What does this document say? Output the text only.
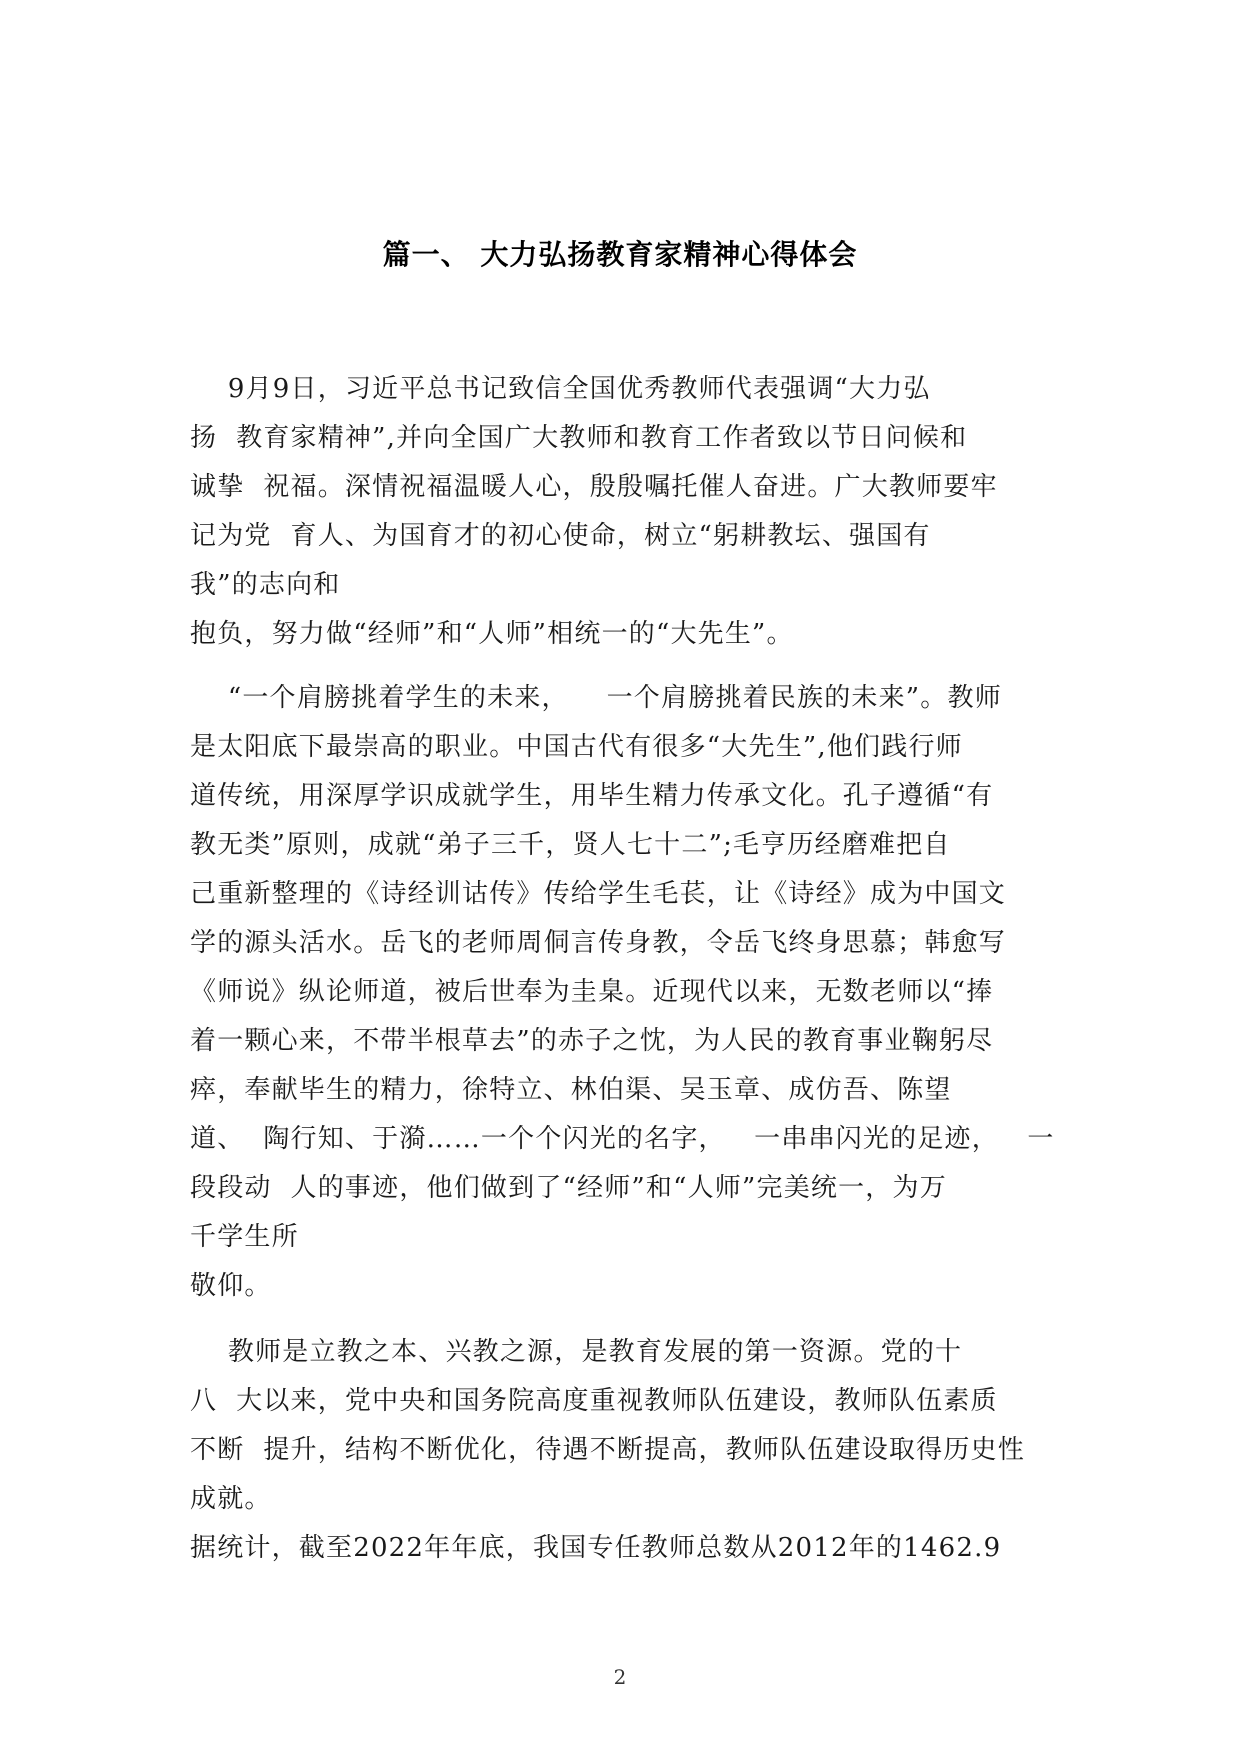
篇一、 大力弘扬教育家精神心得体会
9月9日，习近平总书记致信全国优秀教师代表强调“大力弘
扬  教育家精神”,并向全国广大教师和教育工作者致以节日问候和
诚挚  祝福。深情祝福温暖人心，殷殷嘱托催人奋进。广大教师要牢
记为党  育人、为国育才的初心使命，树立“躬耕教坛、强国有
我”的志向和
抱负，努力做“经师”和“人师”相统一的“大先生”。
“一个肩膀挑着学生的未来，    一个肩膀挑着民族的未来”。教师
是太阳底下最崇高的职业。中国古代有很多“大先生”,他们践行师
道传统，用深厚学识成就学生，用毕生精力传承文化。孔子遵循“有
教无类”原则，成就“弟子三千，贤人七十二”;毛亨历经磨难把自
己重新整理的《诗经训诂传》传给学生毛苌，让《诗经》成为中国文
学的源头活水。岳飞的老师周侗言传身教，令岳飞终身思慕；韩愈写
《师说》纵论师道，被后世奉为圭臬。近现代以来，无数老师以“捧
着一颗心来，不带半根草去”的赤子之忱，为人民的教育事业鞠躬尽
瘁，奉献毕生的精力，徐特立、林伯渠、吴玉章、成仿吾、陈望
道、  陶行知、于漪……一个个闪光的名字，   一串串闪光的足迹，   一
段段动  人的事迹，他们做到了“经师”和“人师”完美统一，为万
千学生所
敬仰。
教师是立教之本、兴教之源，是教育发展的第一资源。党的十
八  大以来，党中央和国务院高度重视教师队伍建设，教师队伍素质
不断  提升，结构不断优化，待遇不断提高，教师队伍建设取得历史性
成就。
据统计，截至2022年年底，我国专任教师总数从2012年的1462.9
2
